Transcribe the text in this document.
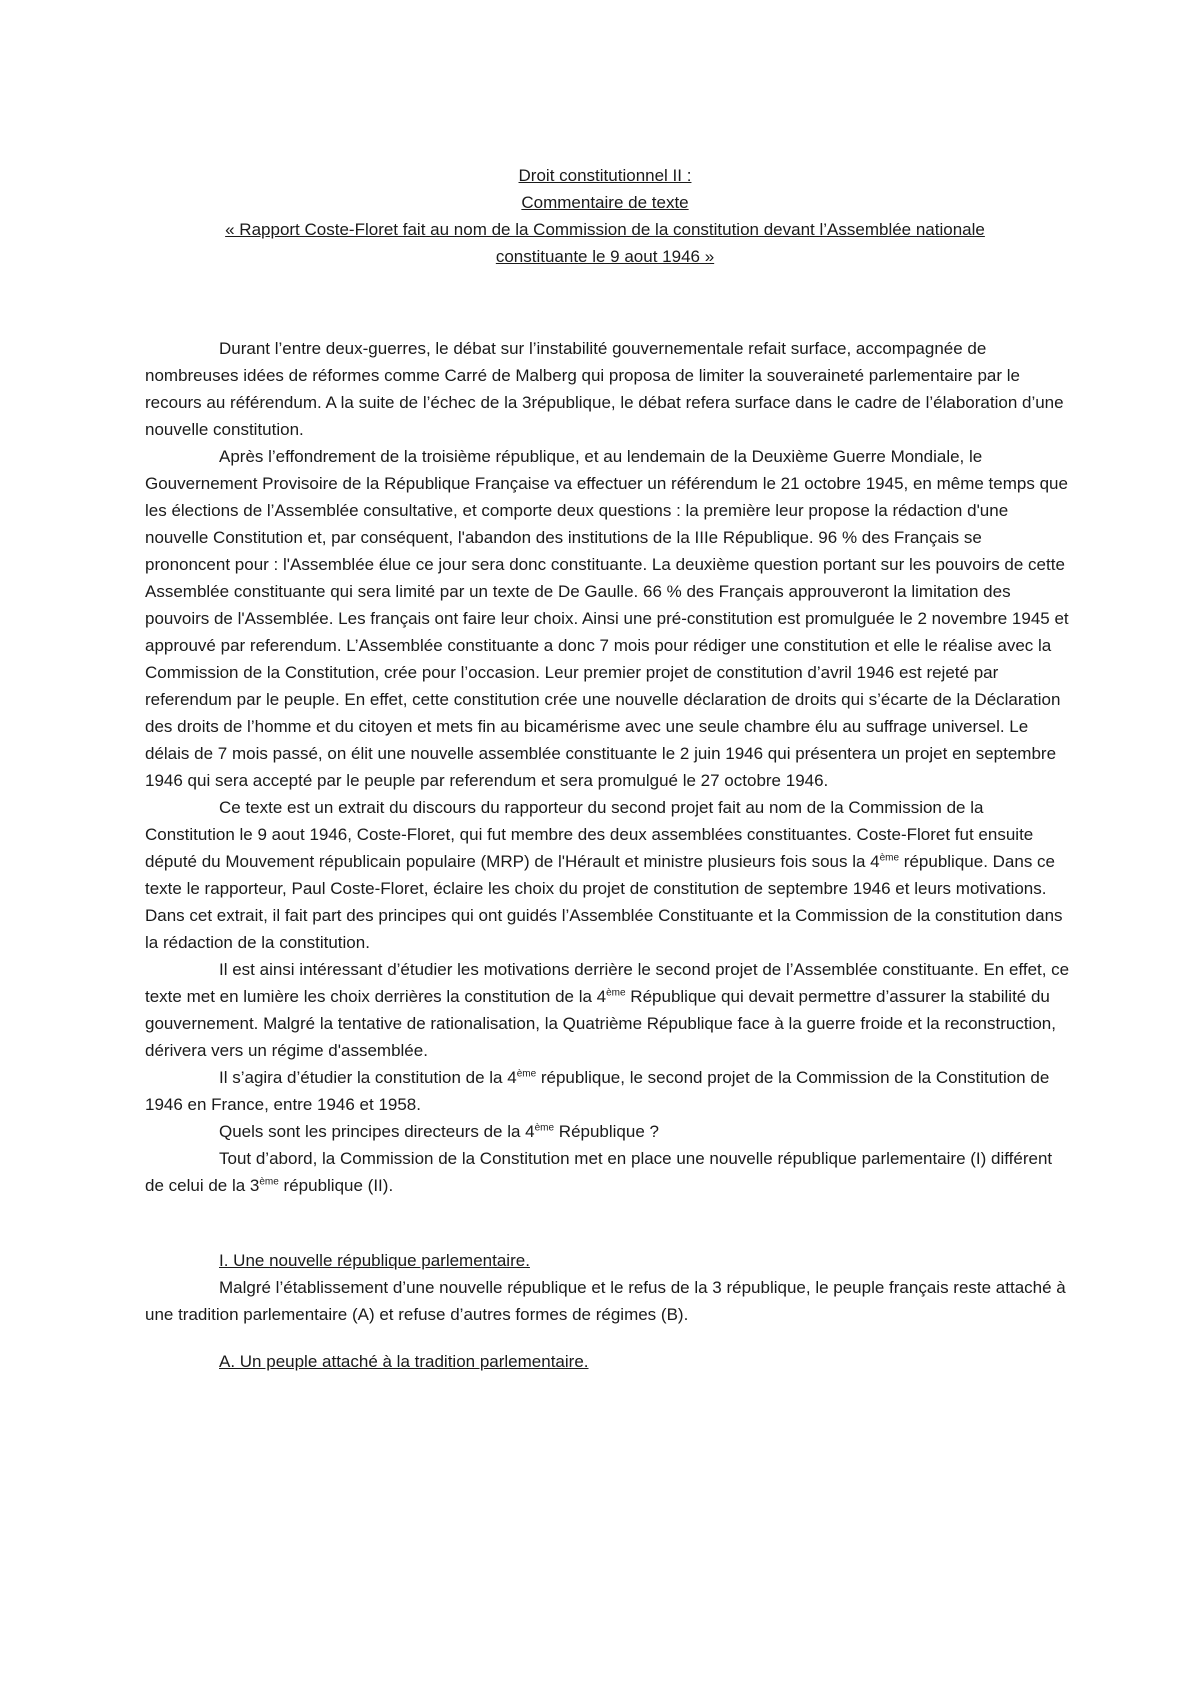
Droit constitutionnel II :
Commentaire de texte
« Rapport Coste-Floret fait au nom de la Commission de la constitution devant l’Assemblée nationale
constituante le 9 aout 1946 »

Durant l’entre deux-guerres, le débat sur l’instabilité gouvernementale refait surface, accompagnée de nombreuses idées de réformes comme Carré de Malberg qui proposa de limiter la souveraineté parlementaire par le recours au référendum. A la suite de l’échec de la 3république, le débat refera surface dans le cadre de l’élaboration d’une nouvelle constitution.

Après l’effondrement de la troisième république, et au lendemain de la Deuxième Guerre Mondiale, le Gouvernement Provisoire de la République Française va effectuer un référendum le 21 octobre 1945, en même temps que les élections de l’Assemblée consultative, et comporte deux questions : la première leur propose la rédaction d'une nouvelle Constitution et, par conséquent, l'abandon des institutions de la IIIe République. 96 % des Français se prononcent pour : l'Assemblée élue ce jour sera donc constituante. La deuxième question portant sur les pouvoirs de cette Assemblée constituante qui sera limité par un texte de De Gaulle. 66 % des Français approuveront la limitation des pouvoirs de l'Assemblée. Les français ont faire leur choix. Ainsi une pré-constitution est promulguée le 2 novembre 1945 et approuvé par referendum. L’Assemblée constituante a donc 7 mois pour rédiger une constitution et elle le réalise avec la Commission de la Constitution, crée pour l’occasion. Leur premier projet de constitution d’avril 1946 est rejeté par referendum par le peuple. En effet, cette constitution crée une nouvelle déclaration de droits qui s’écarte de la Déclaration des droits de l’homme et du citoyen et mets fin au bicamérisme avec une seule chambre élu au suffrage universel. Le délais de 7 mois passé, on élit une nouvelle assemblée constituante le 2 juin 1946 qui présentera un projet en septembre 1946 qui sera accepté par le peuple par referendum et sera promulgué le 27 octobre 1946.

Ce texte est un extrait du discours du rapporteur du second projet fait au nom de la Commission de la Constitution le 9 aout 1946, Coste-Floret, qui fut membre des deux assemblées constituantes. Coste-Floret fut ensuite député du Mouvement républicain populaire (MRP) de l'Hérault et ministre plusieurs fois sous la 4ème république. Dans ce texte le rapporteur, Paul Coste-Floret, éclaire les choix du projet de constitution de septembre 1946 et leurs motivations. Dans cet extrait, il fait part des principes qui ont guidés l’Assemblée Constituante et la Commission de la constitution dans la rédaction de la constitution.

Il est ainsi intéressant d’étudier les motivations derrière le second projet de l’Assemblée constituante. En effet, ce texte met en lumière les choix derrières la constitution de la 4ème République qui devait permettre d’assurer la stabilité du gouvernement. Malgré la tentative de rationalisation, la Quatrième République face à la guerre froide et la reconstruction, dérivera vers un régime d'assemblée.

Il s’agira d’étudier la constitution de la 4ème république, le second projet de la Commission de la Constitution de 1946 en France, entre 1946 et 1958.

Quels sont les principes directeurs de la 4ème République ?

Tout d’abord, la Commission de la Constitution met en place une nouvelle république parlementaire (I) différent de celui de la 3ème république (II).

I. Une nouvelle république parlementaire.

Malgré l’établissement d’une nouvelle république et le refus de la 3 république, le peuple français reste attaché à une tradition parlementaire (A) et refuse d’autres formes de régimes (B).

A. Un peuple attaché à la tradition parlementaire.
